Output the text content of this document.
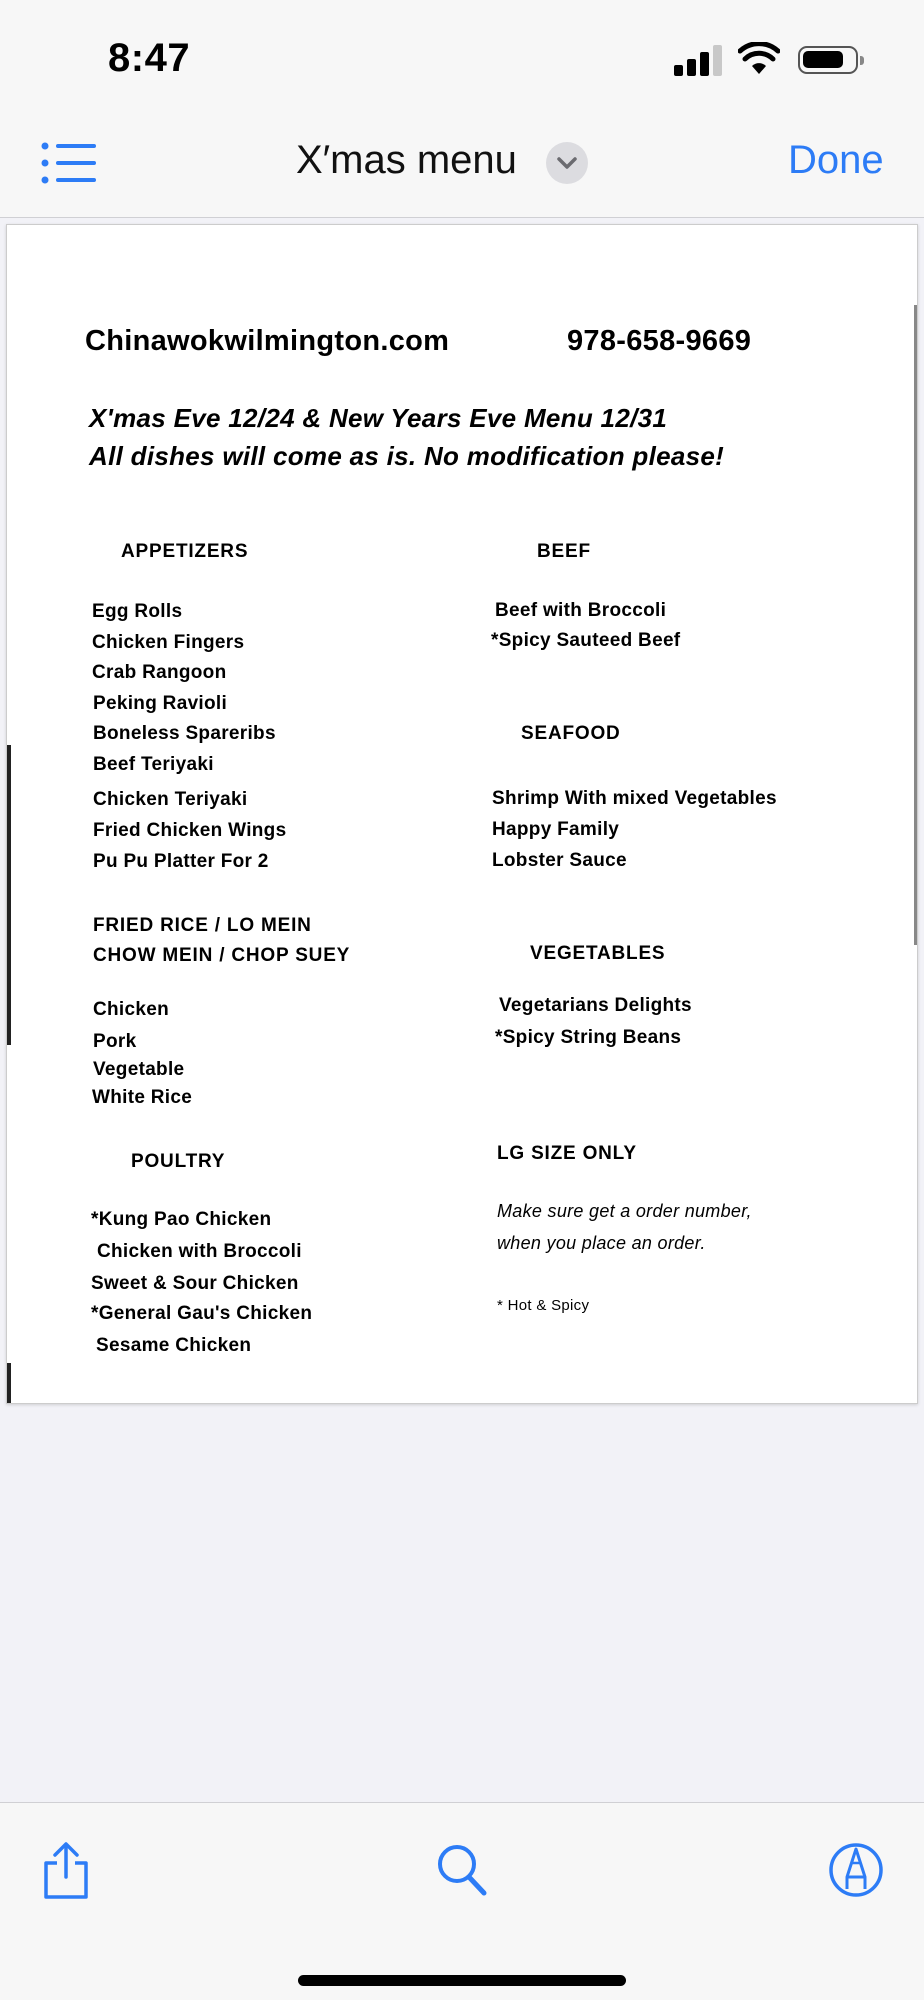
8:47
X′mas menu	Done
Chinawokwilmington.com	978-658-9669
X'mas Eve 12/24 & New Years Eve Menu 12/31
All dishes will come as is. No modification please!
APPETIZERS
Egg Rolls
Chicken Fingers
Crab Rangoon
Peking Ravioli
Boneless Spareribs
Beef Teriyaki
Chicken Teriyaki
Fried Chicken Wings
Pu Pu Platter For 2
FRIED RICE / LO MEIN
CHOW MEIN / CHOP SUEY
Chicken
Pork
Vegetable
White Rice
POULTRY
*Kung Pao Chicken
Chicken with Broccoli
Sweet & Sour Chicken
*General Gau's Chicken
Sesame Chicken
BEEF
Beef with Broccoli
*Spicy Sauteed Beef
SEAFOOD
Shrimp With mixed Vegetables
Happy Family
Lobster Sauce
VEGETABLES
Vegetarians Delights
*Spicy String Beans
LG SIZE ONLY
Make sure get a order number,
when you place an order.
* Hot & Spicy
